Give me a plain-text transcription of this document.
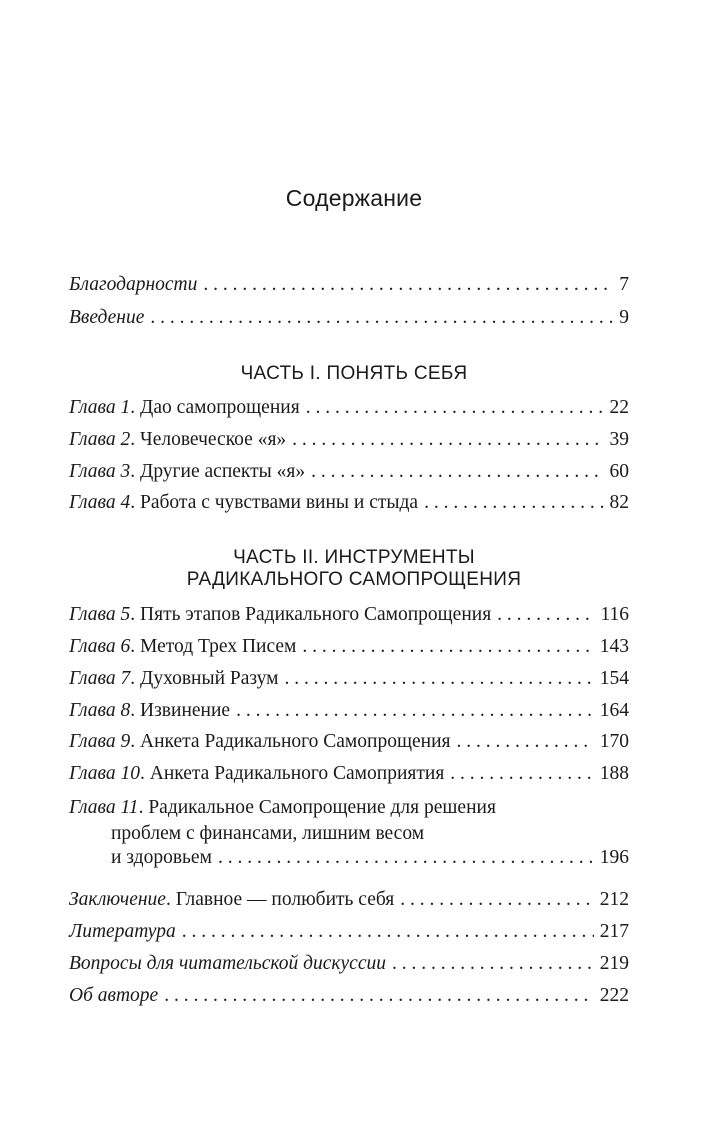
Содержание
Благодарности . . .	7
Введение . . .	9
ЧАСТЬ I. ПОНЯТЬ СЕБЯ
Глава 1. Дао самопрощения . . .	22
Глава 2. Человеческое «я» . . .	39
Глава 3. Другие аспекты «я» . . .	60
Глава 4. Работа с чувствами вины и стыда . . .	82
ЧАСТЬ II. ИНСТРУМЕНТЫ
РАДИКАЛЬНОГО САМОПРОЩЕНИЯ
Глава 5. Пять этапов Радикального Самопрощения . . .	116
Глава 6. Метод Трех Писем . . .	143
Глава 7. Духовный Разум . . .	154
Глава 8. Извинение . . .	164
Глава 9. Анкета Радикального Самопрощения . . .	170
Глава 10. Анкета Радикального Самоприятия . . .	188
Глава 11. Радикальное Самопрощение для решения
проблем с финансами, лишним весом
и здоровьем . . .	196
Заключение. Главное — полюбить себя . . .	212
Литература . . .	217
Вопросы для читательской дискуссии . . .	219
Об авторе . . .	222
